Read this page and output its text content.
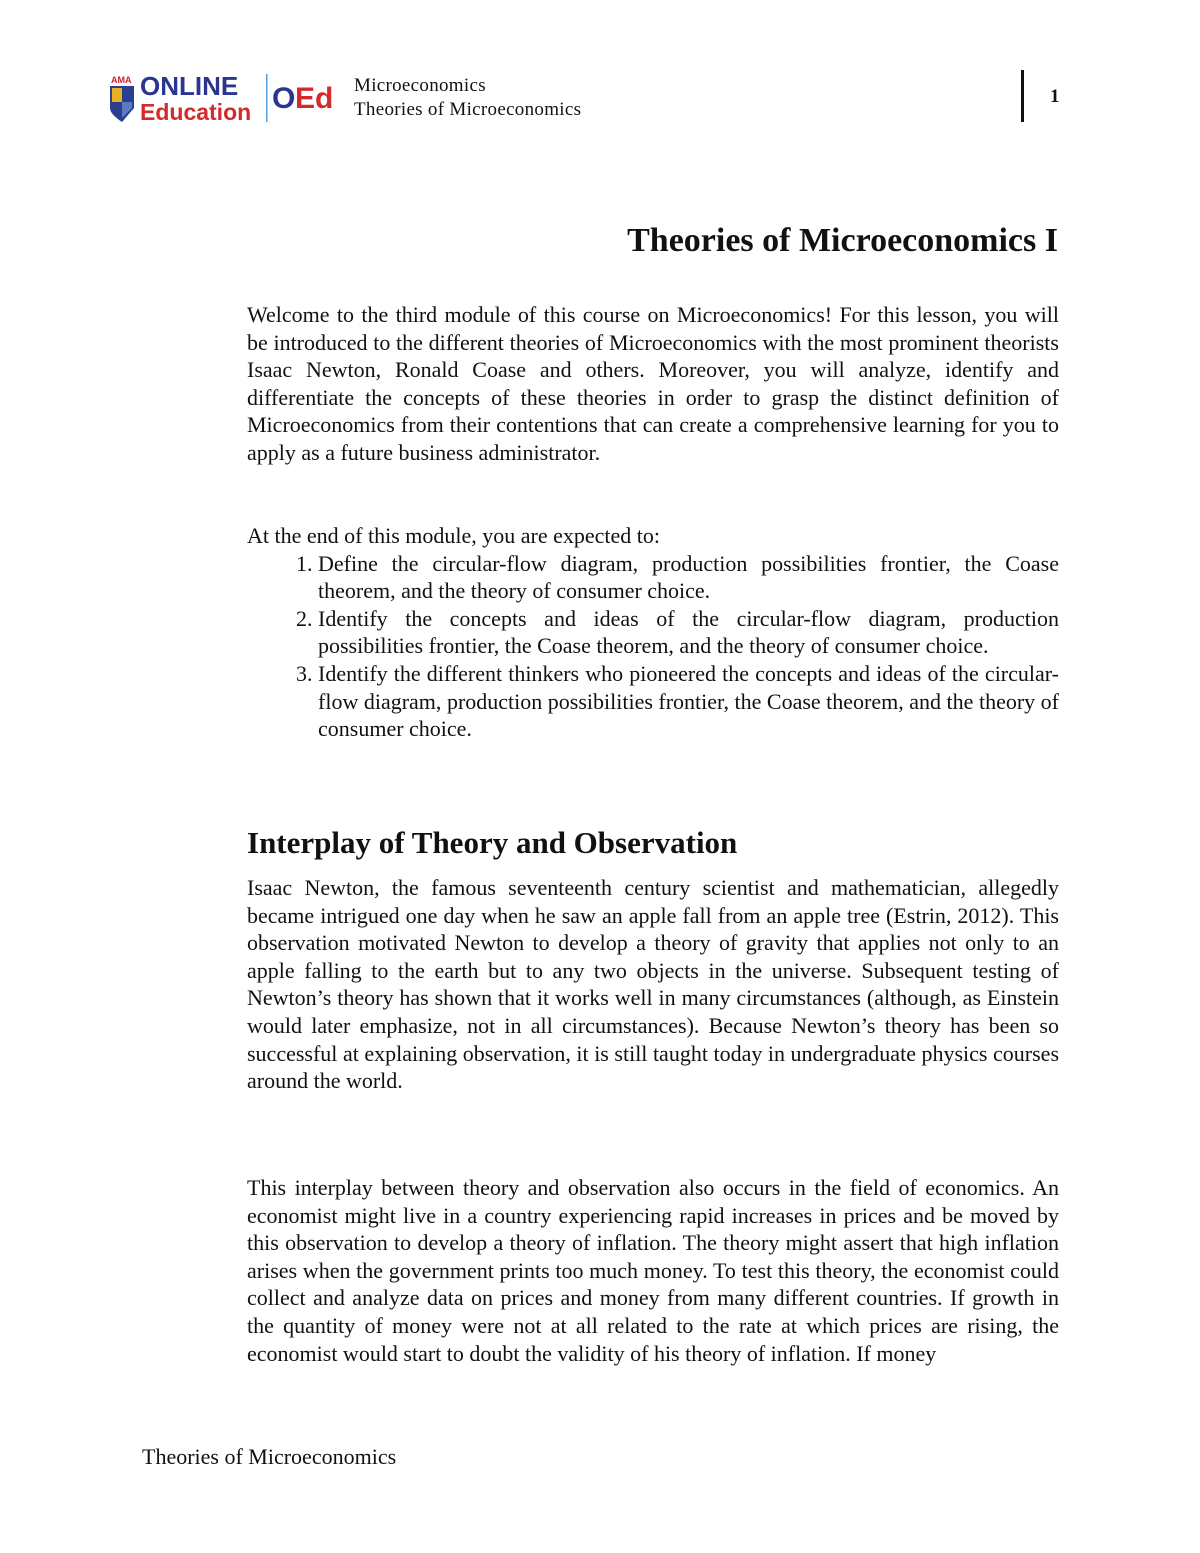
AMA ONLINE
Education O Ed Microeconomics
Theories of Microeconomics
1
Theories of Microeconomics I

Welcome to the third module of this course on Microeconomics! For this lesson, you will be introduced to the different theories of Microeconomics with the most prominent theorists Isaac Newton, Ronald Coase and others. Moreover, you will analyze, identify and differentiate the concepts of these theories in order to grasp the distinct definition of Microeconomics from their contentions that can create a comprehensive learning for you to apply as a future business administrator.

At the end of this module, you are expected to:
1. Define the circular-flow diagram, production possibilities frontier, the Coase theorem, and the theory of consumer choice.
2. Identify the concepts and ideas of the circular-flow diagram, production possibilities frontier, the Coase theorem, and the theory of consumer choice.
3. Identify the different thinkers who pioneered the concepts and ideas of the circular-flow diagram, production possibilities frontier, the Coase theorem, and the theory of consumer choice.
Interplay of Theory and Observation

Isaac Newton, the famous seventeenth century scientist and mathematician, allegedly became intrigued one day when he saw an apple fall from an apple tree (Estrin, 2012). This observation motivated Newton to develop a theory of gravity that applies not only to an apple falling to the earth but to any two objects in the universe. Subsequent testing of Newton’s theory has shown that it works well in many circumstances (although, as Einstein would later emphasize, not in all circumstances). Because Newton’s theory has been so successful at explaining observation, it is still taught today in undergraduate physics courses around the world.

This interplay between theory and observation also occurs in the field of economics. An economist might live in a country experiencing rapid increases in prices and be moved by this observation to develop a theory of inflation. The theory might assert that high inflation arises when the government prints too much money. To test this theory, the economist could collect and analyze data on prices and money from many different countries. If growth in the quantity of money were not at all related to the rate at which prices are rising, the economist would start to doubt the validity of his theory of inflation. If money

Theories of Microeconomics
